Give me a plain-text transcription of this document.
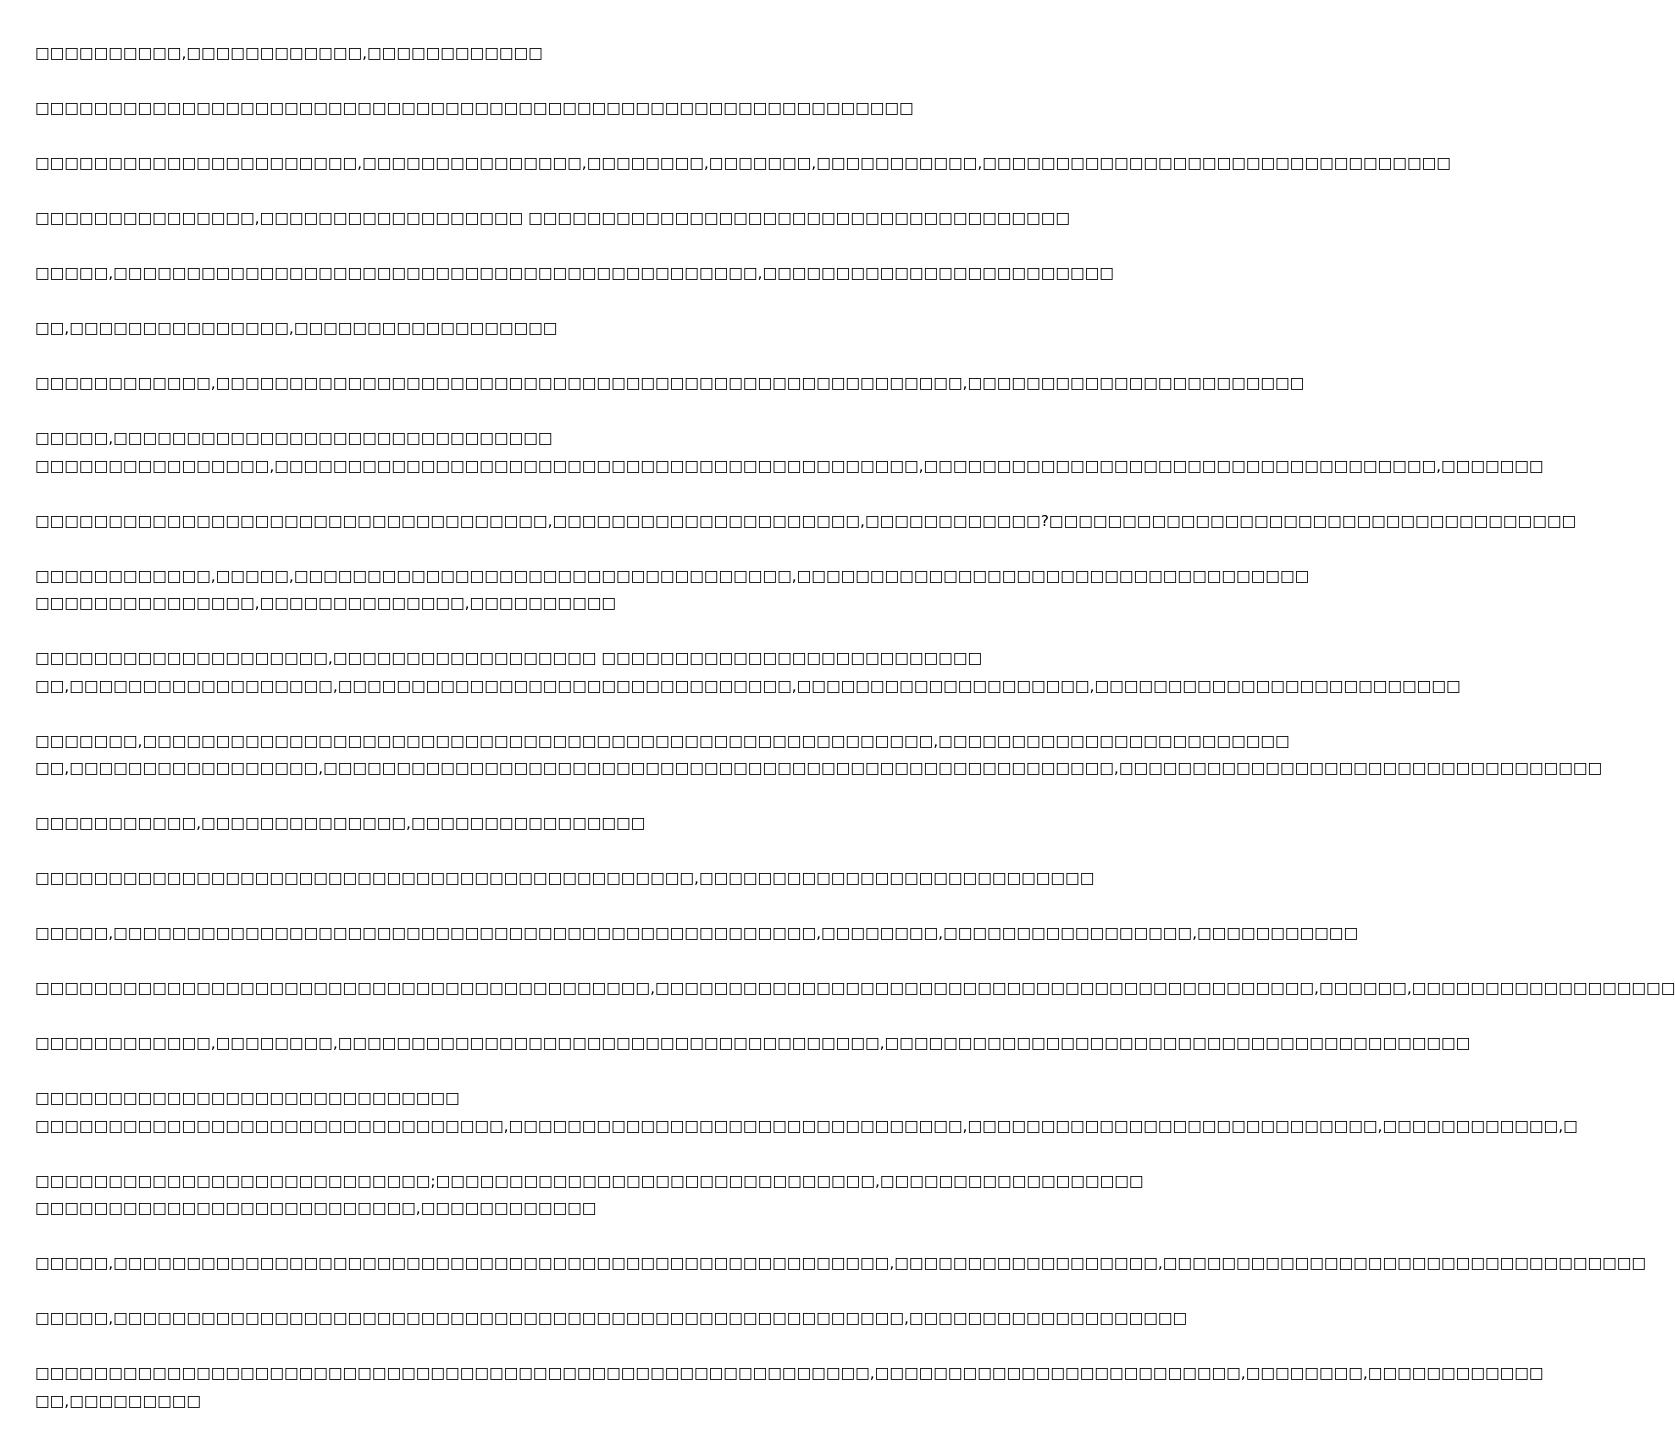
□□□□□□□□□□,□□□□□□□□□□□□,□□□□□□□□□□□□
□□□□□□□□□□□□□□□□□□□□□□□□□□□□□□□□□□□□□□□□□□□□□□□□□□□□□□□□□□□□
□□□□□□□□□□□□□□□□□□□□□□,□□□□□□□□□□□□□□□,□□□□□□□□,□□□□□□□,□□□□□□□□□□□,□□□□□□□□□□□□□□□□□□□□□□□□□□□□□□□□
□□□□□□□□□□□□□□□,□□□□□□□□□□□□□□□□□□ □□□□□□□□□□□□□□□□□□□□□□□□□□□□□□□□□□□□□
□□□□□,□□□□□□□□□□□□□□□□□□□□□□□□□□□□□□□□□□□□□□□□□□□□,□□□□□□□□□□□□□□□□□□□□□□□□
□□,□□□□□□□□□□□□□□□,□□□□□□□□□□□□□□□□□□
□□□□□□□□□□□□,□□□□□□□□□□□□□□□□□□□□□□□□□□□□□□□□□□□□□□□□□□□□□□□□□□□,□□□□□□□□□□□□□□□□□□□□□□□
□□□□□,□□□□□□□□□□□□□□□□□□□□□□□□□□□□□□
□□□□□□□□□□□□□□□□,□□□□□□□□□□□□□□□□□□□□□□□□□□□□□□□□□□□□□□□□□□□□,□□□□□□□□□□□□□□□□□□□□□□□□□□□□□□□□□□□,□□□□□□□
□□□□□□□□□□□□□□□□□□□□□□□□□□□□□□□□□□□,□□□□□□□□□□□□□□□□□□□□□,□□□□□□□□□□□□?□□□□□□□□□□□□□□□□□□□□□□□□□□□□□□□□□□□□
□□□□□□□□□□□□,□□□□□,□□□□□□□□□□□□□□□□□□□□□□□□□□□□□□□□□□,□□□□□□□□□□□□□□□□□□□□□□□□□□□□□□□□□□□
□□□□□□□□□□□□□□□,□□□□□□□□□□□□□□,□□□□□□□□□□
□□□□□□□□□□□□□□□□□□□□,□□□□□□□□□□□□□□□□□□ □□□□□□□□□□□□□□□□□□□□□□□□□□
□□,□□□□□□□□□□□□□□□□□□,□□□□□□□□□□□□□□□□□□□□□□□□□□□□□□□,□□□□□□□□□□□□□□□□□□□□,□□□□□□□□□□□□□□□□□□□□□□□□□
□□□□□□□,□□□□□□□□□□□□□□□□□□□□□□□□□□□□□□□□□□□□□□□□□□□□□□□□□□□□□□,□□□□□□□□□□□□□□□□□□□□□□□□
□□,□□□□□□□□□□□□□□□□□,□□□□□□□□□□□□□□□□□□□□□□□□□□□□□□□□□□□□□□□□□□□□□□□□□□□□□□,□□□□□□□□□□□□□□□□□□□□□□□□□□□□□□□□□
□□□□□□□□□□□,□□□□□□□□□□□□□□,□□□□□□□□□□□□□□□□
□□□□□□□□□□□□□□□□□□□□□□□□□□□□□□□□□□□□□□□□□□□□□,□□□□□□□□□□□□□□□□□□□□□□□□□□□
□□□□□,□□□□□□□□□□□□□□□□□□□□□□□□□□□□□□□□□□□□□□□□□□□□□□□□,□□□□□□□□,□□□□□□□□□□□□□□□□□,□□□□□□□□□□□
□□□□□□□□□□□□□□□□□□□□□□□□□□□□□□□□□□□□□□□□□□,□□□□□□□□□□□□□□□□□□□□□□□□□□□□□□□□□□□□□□□□□□□□□,□□□□□□,□□□□□□□□□□□□□□□□□□
□□□□□□□□□□□□,□□□□□□□□,□□□□□□□□□□□□□□□□□□□□□□□□□□□□□□□□□□□□□,□□□□□□□□□□□□□□□□□□□□□□□□□□□□□□□□□□□□□□□□
□□□□□□□□□□□□□□□□□□□□□□□□□□□□□
□□□□□□□□□□□□□□□□□□□□□□□□□□□□□□□□,□□□□□□□□□□□□□□□□□□□□□□□□□□□□□□□,□□□□□□□□□□□□□□□□□□□□□□□□□□□□,□□□□□□□□□□□□,□
□□□□□□□□□□□□□□□□□□□□□□□□□□□;□□□□□□□□□□□□□□□□□□□□□□□□□□□□□□,□□□□□□□□□□□□□□□□□□
□□□□□□□□□□□□□□□□□□□□□□□□□□,□□□□□□□□□□□□
□□□□□,□□□□□□□□□□□□□□□□□□□□□□□□□□□□□□□□□□□□□□□□□□□□□□□□□□□□□,□□□□□□□□□□□□□□□□□□,□□□□□□□□□□□□□□□□□□□□□□□□□□□□□□□□□
□□□□□,□□□□□□□□□□□□□□□□□□□□□□□□□□□□□□□□□□□□□□□□□□□□□□□□□□□□□□,□□□□□□□□□□□□□□□□□□□
□□□□□□□□□□□□□□□□□□□□□□□□□□□□□□□□□□□□□□□□□□□□□□□□□□□□□□□□□,□□□□□□□□□□□□□□□□□□□□□□□□□,□□□□□□□□,□□□□□□□□□□□□
□□,□□□□□□□□□
